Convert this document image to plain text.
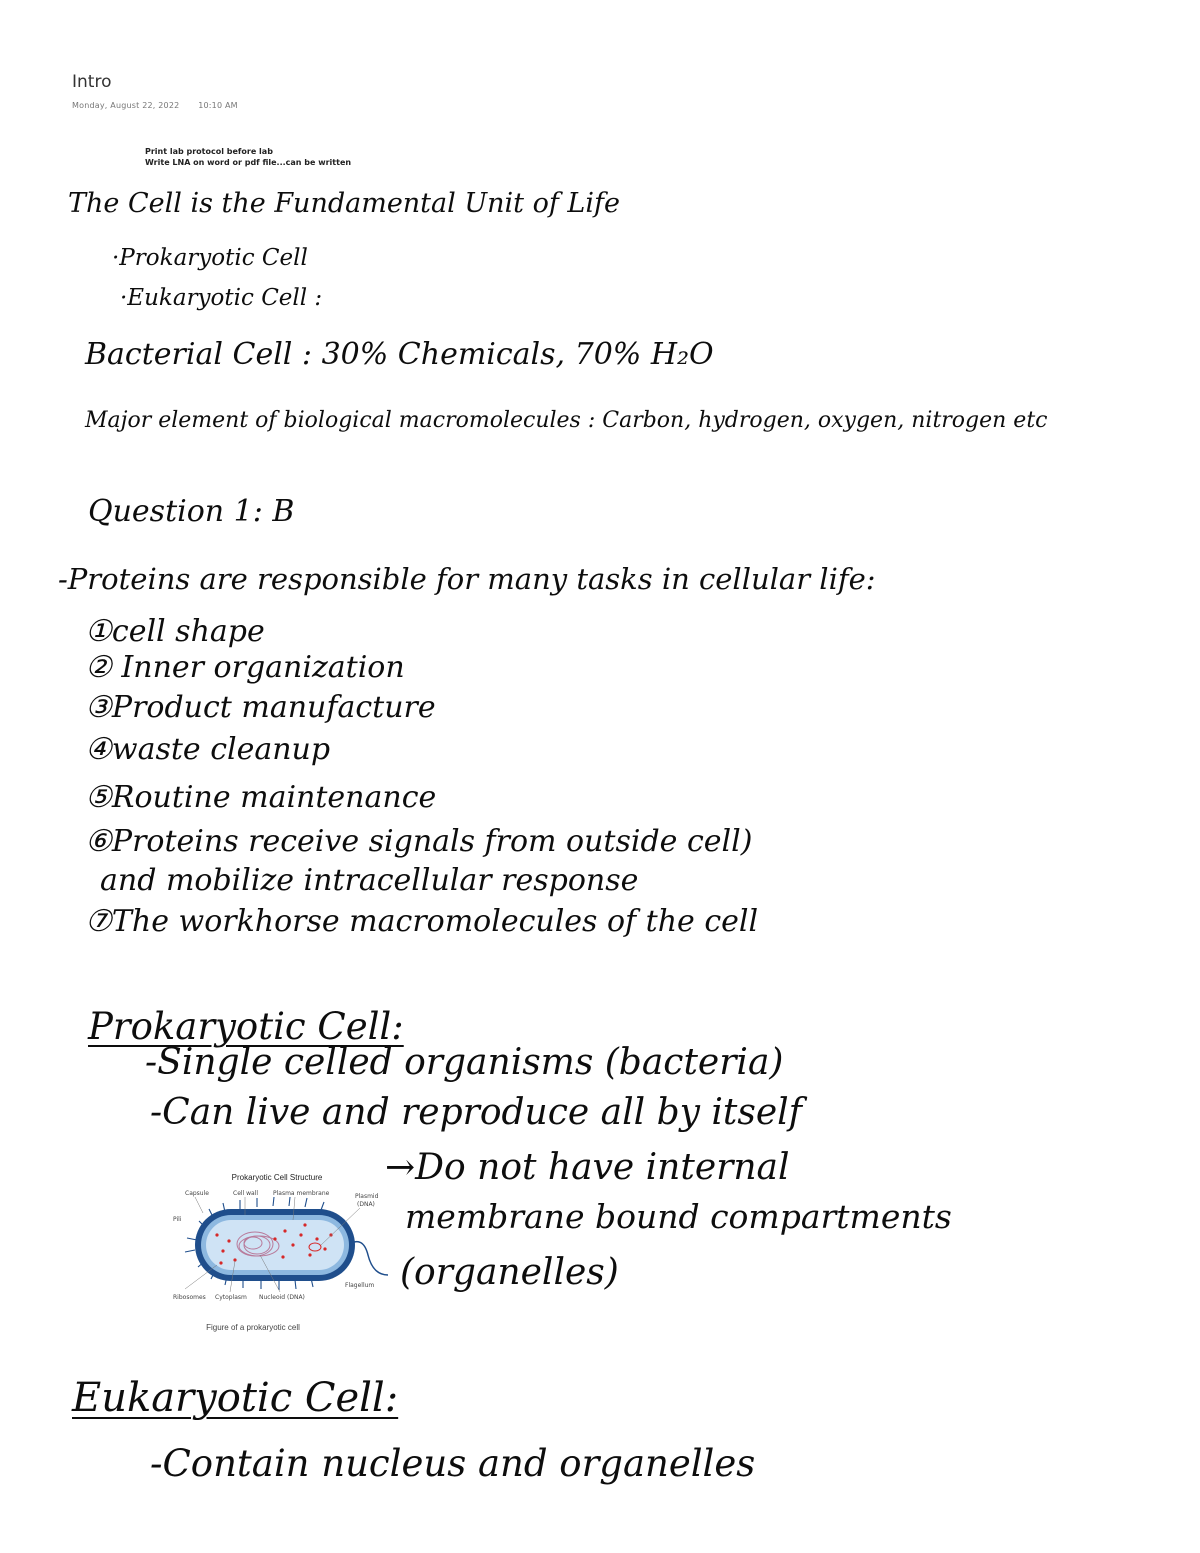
Intro
Monday, August 22, 2022 10:10 AM
Print lab protocol before lab
Write LNA on word or pdf file...can be written
The Cell is the Fundamental Unit of Life
·Prokaryotic Cell
·Eukaryotic Cell :
Bacterial Cell : 30% Chemicals, 70% H₂O
Major element of biological macromolecules : Carbon, hydrogen, oxygen, nitrogen etc
Question 1: B
-Proteins are responsible for many tasks in cellular life:
①cell shape
② Inner organization
③Product manufacture
④waste cleanup
⑤Routine maintenance
⑥Proteins receive signals from outside cell)
and mobilize intracellular response
⑦The workhorse macromolecules of the cell
Prokaryotic Cell:
-Single celled organisms (bacteria)
-Can live and reproduce all by itself
→Do not have internal
membrane bound compartments
(organelles)
Eukaryotic Cell:
-Contain nucleus and organelles
Prokaryotic Cell Structure
Capsule	Cell wall Plasma membrane	Plasmid
(DNA)
Pili
Flagellum
Ribosomes Cytoplasm Nucleoid (DNA)
Figure of a prokaryotic cell
